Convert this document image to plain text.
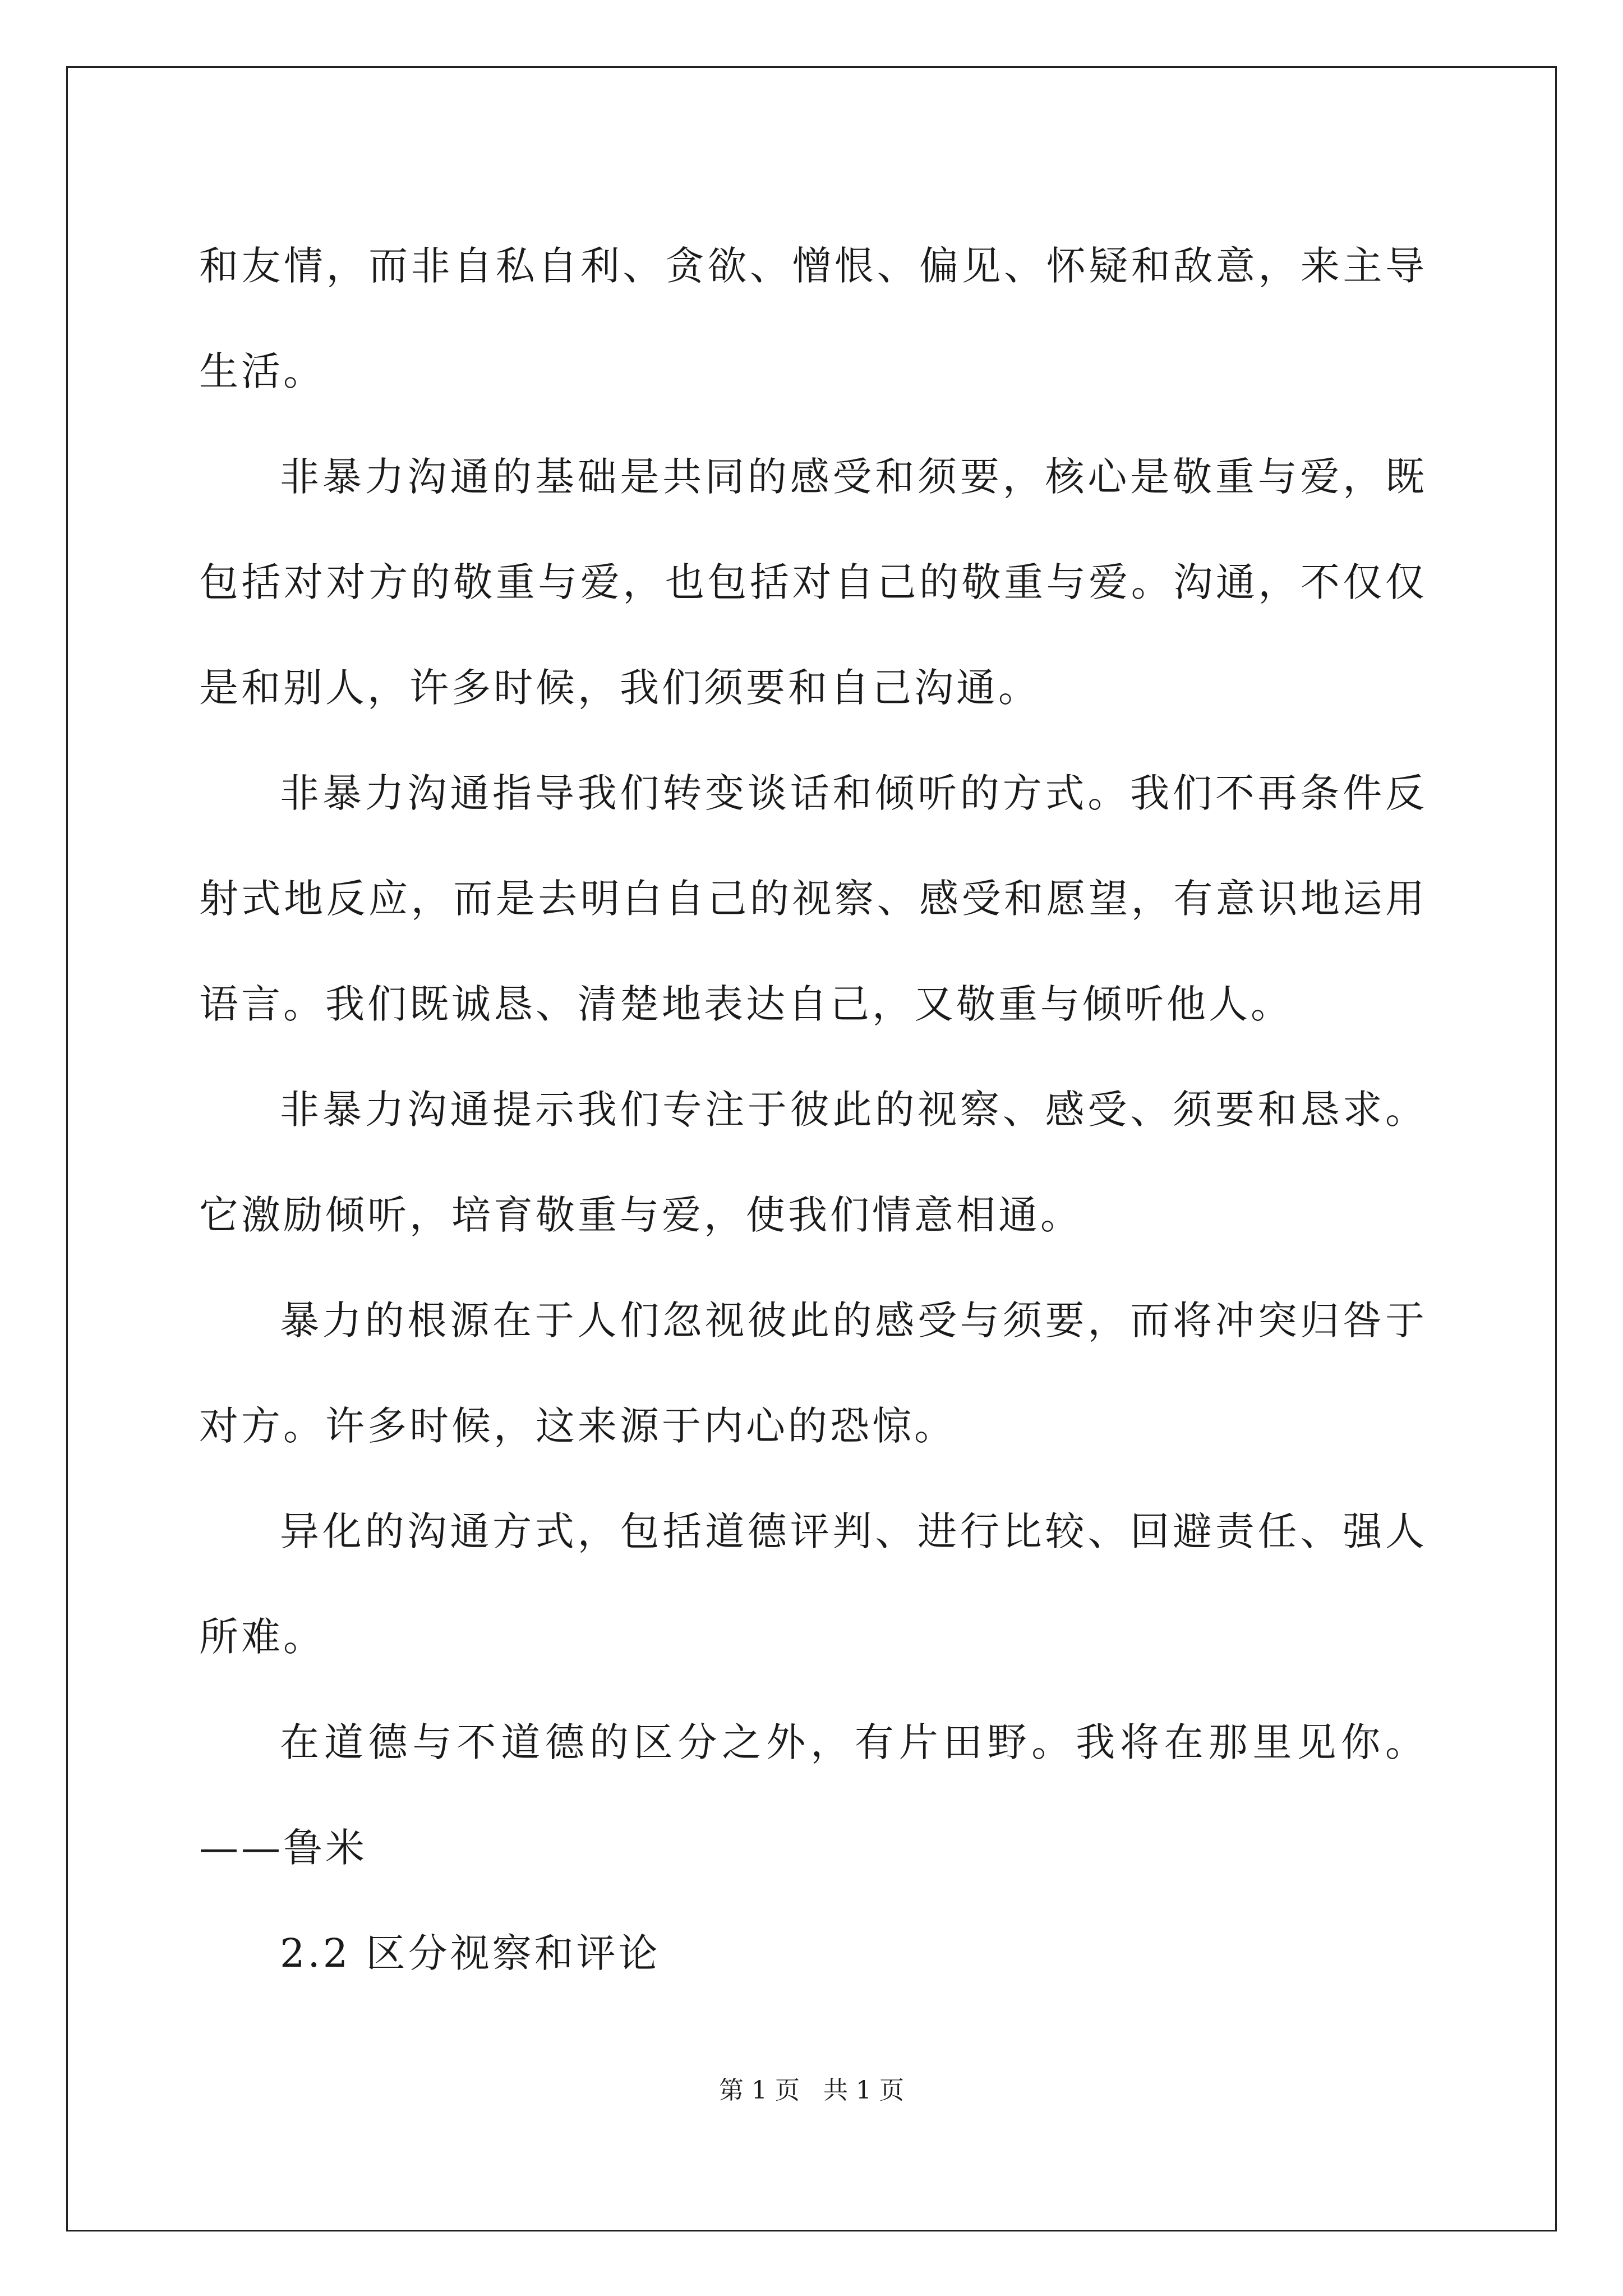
和友情，而非自私自利、贪欲、憎恨、偏见、怀疑和敌意，来主导生活。

非暴力沟通的基础是共同的感受和须要，核心是敬重与爱，既包括对对方的敬重与爱，也包括对自己的敬重与爱。沟通，不仅仅是和别人，许多时候，我们须要和自己沟通。

非暴力沟通指导我们转变谈话和倾听的方式。我们不再条件反射式地反应，而是去明白自己的视察、感受和愿望，有意识地运用语言。我们既诚恳、清楚地表达自己，又敬重与倾听他人。

非暴力沟通提示我们专注于彼此的视察、感受、须要和恳求。它激励倾听，培育敬重与爱，使我们情意相通。

暴力的根源在于人们忽视彼此的感受与须要，而将冲突归咎于对方。许多时候，这来源于内心的恐惊。

异化的沟通方式，包括道德评判、进行比较、回避责任、强人所难。

在道德与不道德的区分之外，有片田野。我将在那里见你。——鲁米

2.2 区分视察和评论

第 1 页 共 1 页
